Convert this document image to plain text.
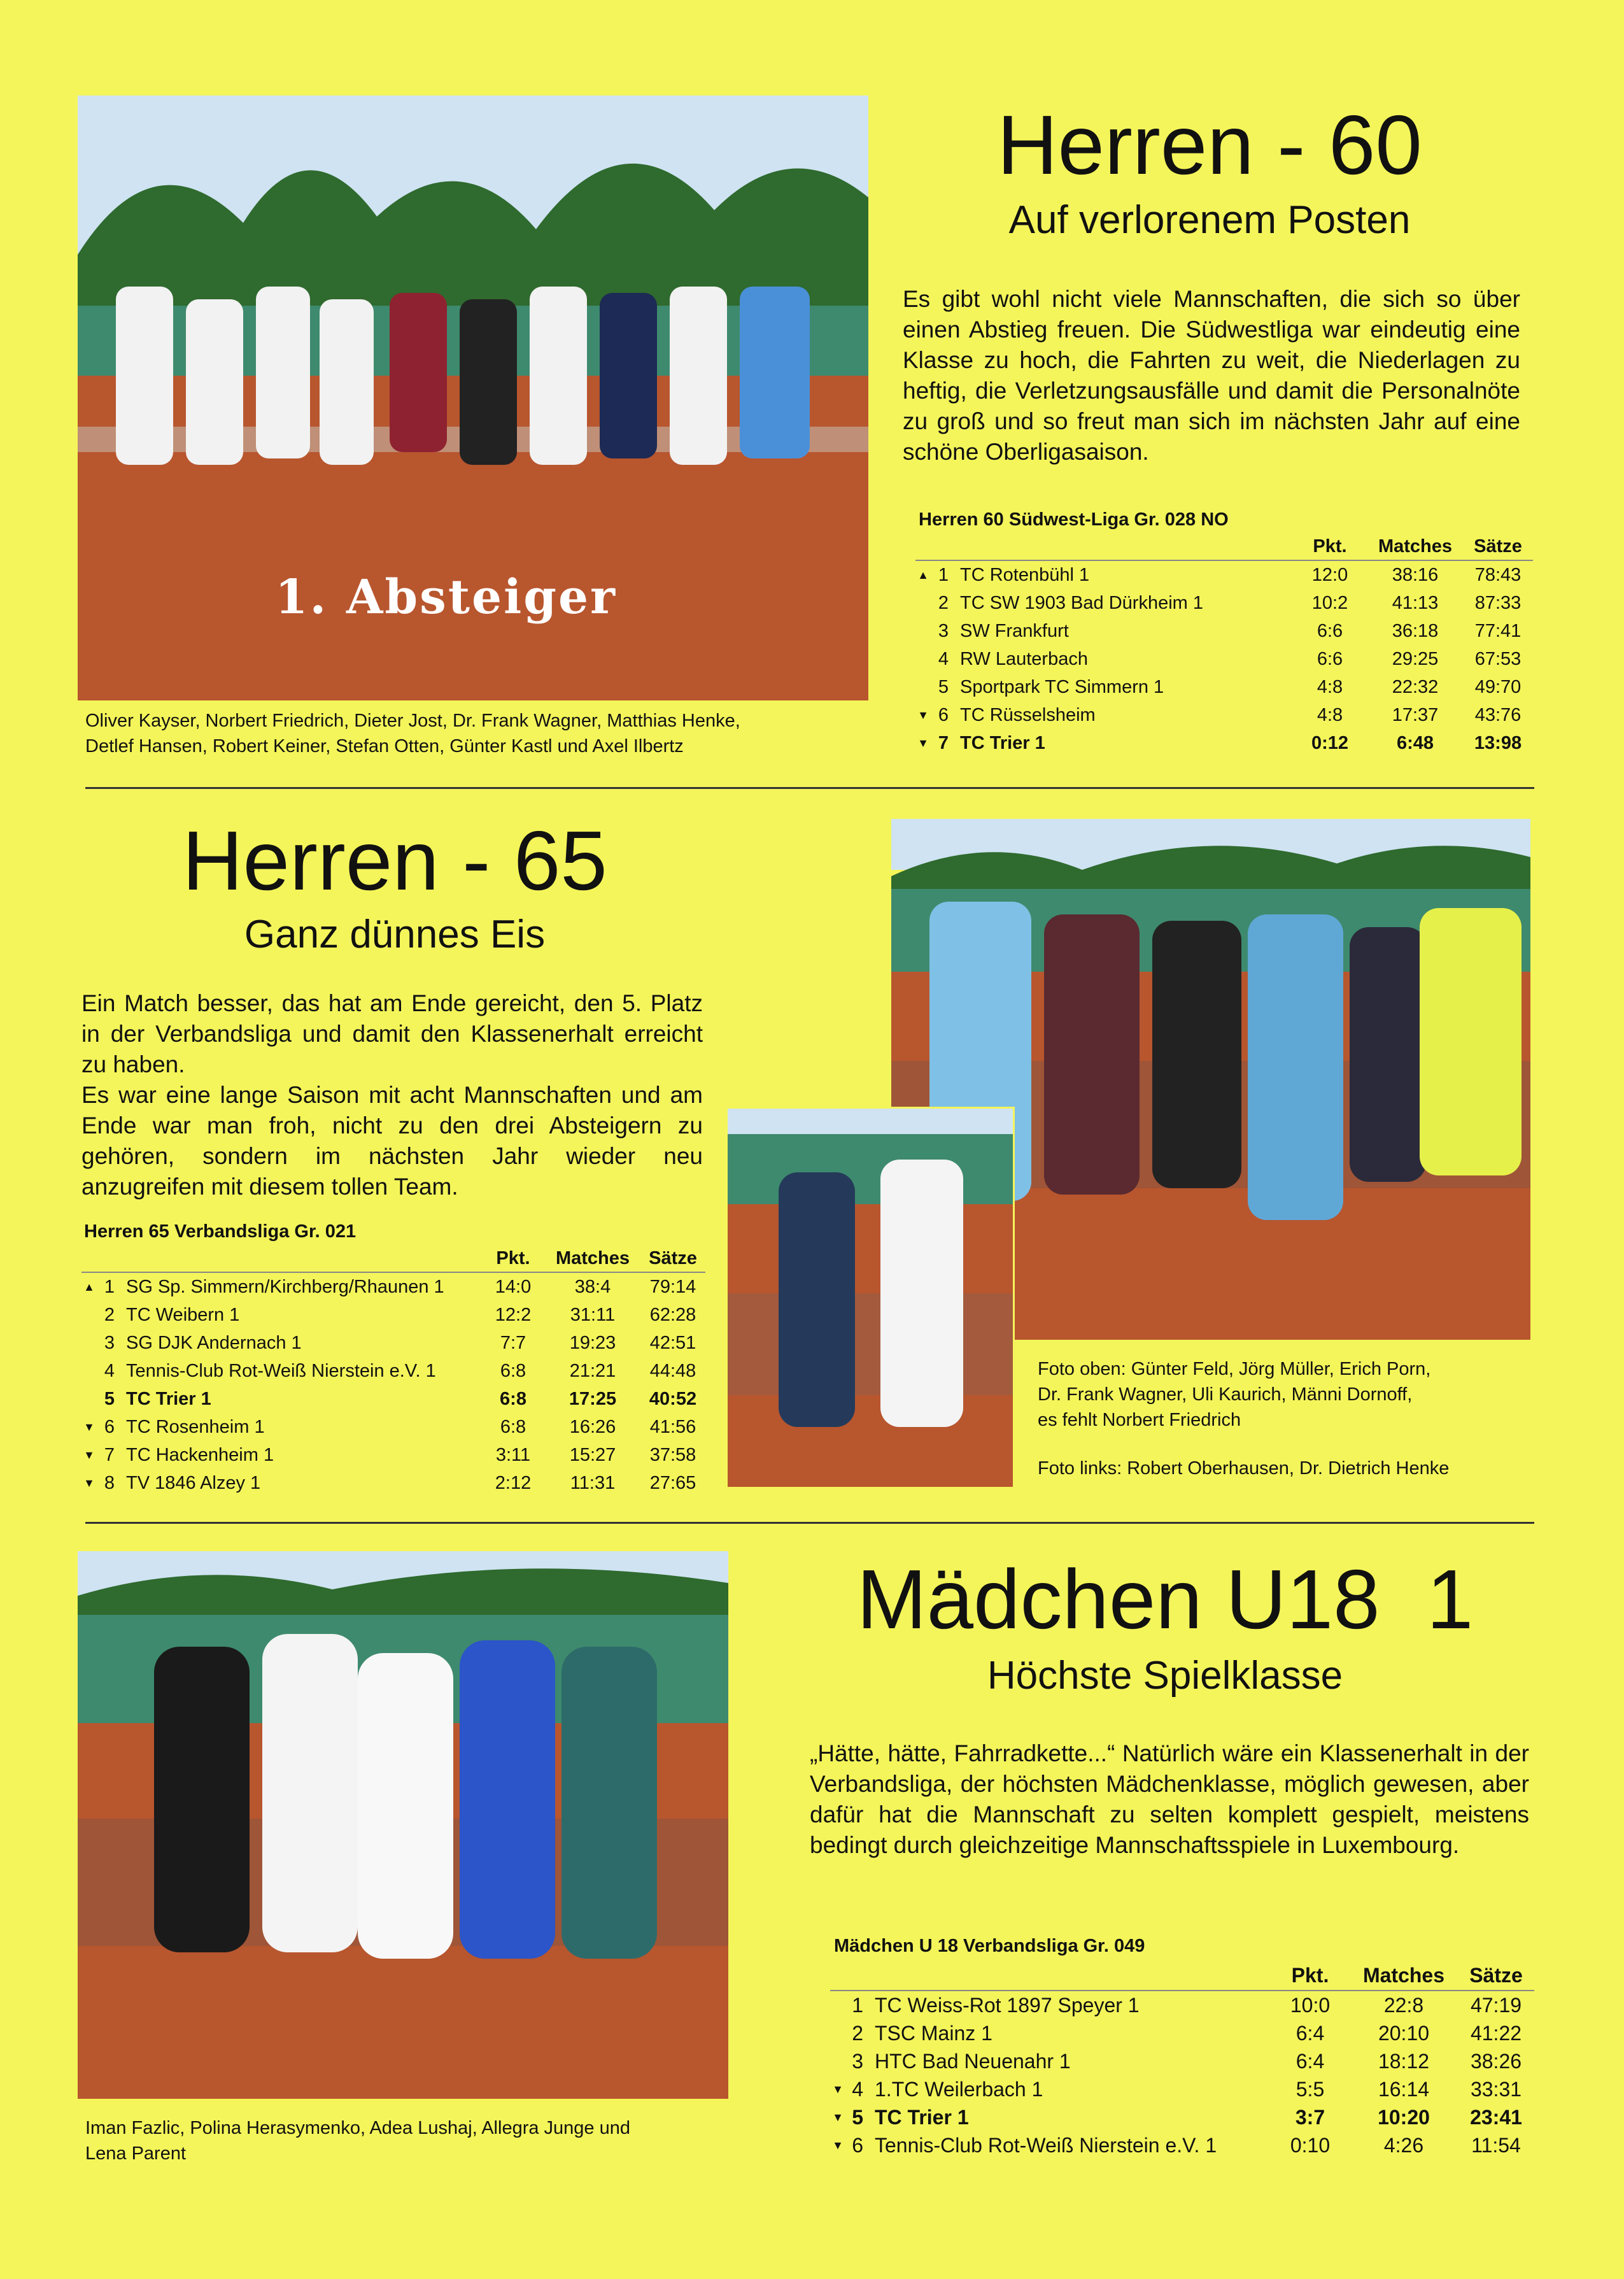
1. Absteiger
Oliver Kayser, Norbert Friedrich, Dieter Jost, Dr. Frank Wagner, Matthias Henke,
Detlef Hansen, Robert Keiner, Stefan Otten, Günter Kastl und Axel Ilbertz
Herren - 60
Auf verlorenem Posten
Es gibt wohl nicht viele Mannschaften, die sich so über einen Abstieg freuen. Die Südwestliga war eindeutig eine Klasse zu hoch, die Fahrten zu weit, die Niederlagen zu heftig, die Verletzungsausfälle und damit die Personalnöte zu groß und so freut man sich im nächsten Jahr auf eine schöne Oberligasaison.
Herren 60 Südwest-Liga Gr. 028 NO
			Pkt.	Matches	Sätze
▲	1	TC Rotenbühl 1	12:0	38:16	78:43
	2	TC SW 1903 Bad Dürkheim 1	10:2	41:13	87:33
	3	SW Frankfurt	6:6	36:18	77:41
	4	RW Lauterbach	6:6	29:25	67:53
	5	Sportpark TC Simmern 1	4:8	22:32	49:70
▼	6	TC Rüsselsheim	4:8	17:37	43:76
▼	7	TC Trier 1	0:12	6:48	13:98
Herren - 65
Ganz dünnes Eis
Ein Match besser, das hat am Ende gereicht, den 5. Platz in der Verbandsliga und damit den Klassenerhalt erreicht zu haben.
Es war eine lange Saison mit acht Mannschaften und am Ende war man froh, nicht zu den drei Absteigern zu gehören, sondern im nächsten Jahr wieder neu anzugreifen mit diesem tollen Team.
Herren 65 Verbandsliga Gr. 021
			Pkt.	Matches	Sätze
▲	1	SG Sp. Simmern/Kirchberg/Rhaunen 1	14:0	38:4	79:14
	2	TC Weibern 1	12:2	31:11	62:28
	3	SG DJK Andernach 1	7:7	19:23	42:51
	4	Tennis-Club Rot-Weiß Nierstein e.V. 1	6:8	21:21	44:48
	5	TC Trier 1	6:8	17:25	40:52
▼	6	TC Rosenheim 1	6:8	16:26	41:56
▼	7	TC Hackenheim 1	3:11	15:27	37:58
▼	8	TV 1846 Alzey 1	2:12	11:31	27:65
Foto oben: Günter Feld, Jörg Müller, Erich Porn,
Dr. Frank Wagner, Uli Kaurich, Männi Dornoff,
es fehlt Norbert Friedrich
Foto links: Robert Oberhausen, Dr. Dietrich Henke
Iman Fazlic, Polina Herasymenko, Adea Lushaj, Allegra Junge und
Lena Parent
Mädchen U18  1
Höchste Spielklasse
„Hätte, hätte, Fahrradkette...“ Natürlich wäre ein Klassenerhalt in der Verbandsliga, der höchsten Mädchenklasse, möglich gewesen, aber dafür hat die Mannschaft zu selten komplett gespielt, meistens bedingt durch gleichzeitige Mannschaftsspiele in Luxembourg.
Mädchen U 18 Verbandsliga Gr. 049
			Pkt.	Matches	Sätze
	1	TC Weiss-Rot 1897 Speyer 1	10:0	22:8	47:19
	2	TSC Mainz 1	6:4	20:10	41:22
	3	HTC Bad Neuenahr 1	6:4	18:12	38:26
▼	4	1.TC Weilerbach 1	5:5	16:14	33:31
▼	5	TC Trier 1	3:7	10:20	23:41
▼	6	Tennis-Club Rot-Weiß Nierstein e.V. 1	0:10	4:26	11:54
